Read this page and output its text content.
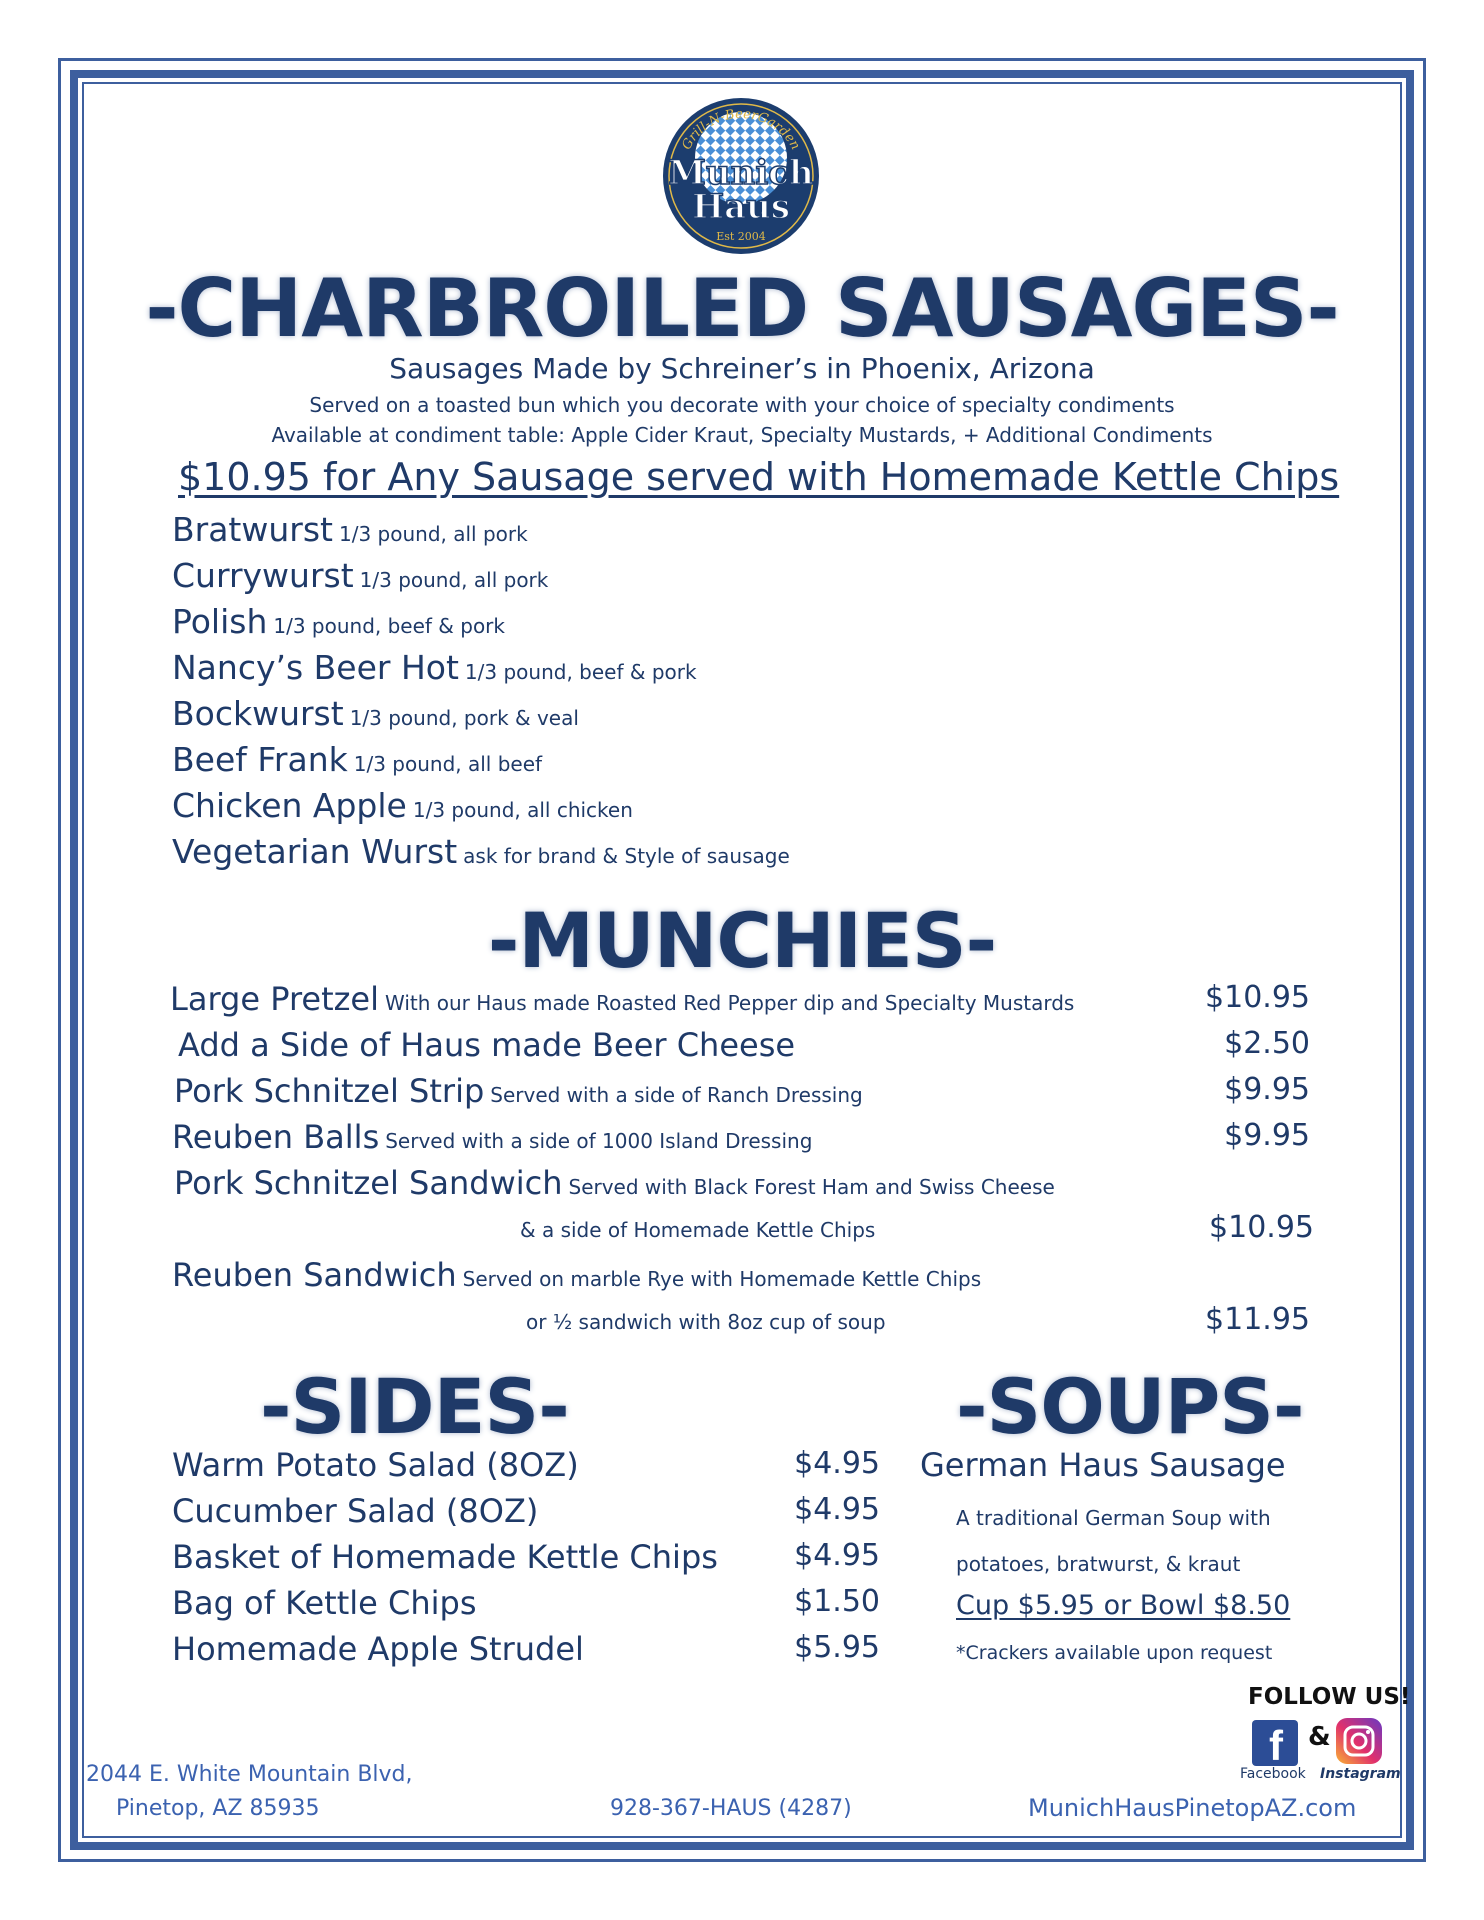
Grill-N-BeerGarden
Munich
Haus
Est 2004
-CHARBROILED SAUSAGES-
Sausages Made by Schreiner’s in Phoenix, Arizona
Served on a toasted bun which you decorate with your choice of specialty condiments
Available at condiment table: Apple Cider Kraut, Specialty Mustards, + Additional Condiments
$10.95 for Any Sausage served with Homemade Kettle Chips
Bratwurst 1/3 pound, all pork
Currywurst 1/3 pound, all pork
Polish 1/3 pound, beef & pork
Nancy’s Beer Hot 1/3 pound, beef & pork
Bockwurst 1/3 pound, pork & veal
Beef Frank 1/3 pound, all beef
Chicken Apple 1/3 pound, all chicken
Vegetarian Wurst ask for brand & Style of sausage
-MUNCHIES-
Large Pretzel With our Haus made Roasted Red Pepper dip and Specialty Mustards	$10.95
Add a Side of Haus made Beer Cheese	$2.50
Pork Schnitzel Strip Served with a side of Ranch Dressing	$9.95
Reuben Balls Served with a side of 1000 Island Dressing	$9.95
Pork Schnitzel Sandwich Served with Black Forest Ham and Swiss Cheese
& a side of Homemade Kettle Chips	$10.95
Reuben Sandwich Served on marble Rye with Homemade Kettle Chips
or ½ sandwich with 8oz cup of soup	$11.95
-SIDES-
Warm Potato Salad (8OZ)	$4.95
Cucumber Salad (8OZ)	$4.95
Basket of Homemade Kettle Chips	$4.95
Bag of Kettle Chips	$1.50
Homemade Apple Strudel	$5.95
-SOUPS-
German Haus Sausage
A traditional German Soup with
potatoes, bratwurst, & kraut
Cup $5.95 or Bowl $8.50
*Crackers available upon request
FOLLOW US!
f &
Facebook Instagram
2044 E. White Mountain Blvd,
Pinetop, AZ 85935	928-367-HAUS (4287)	MunichHausPinetopAZ.com
